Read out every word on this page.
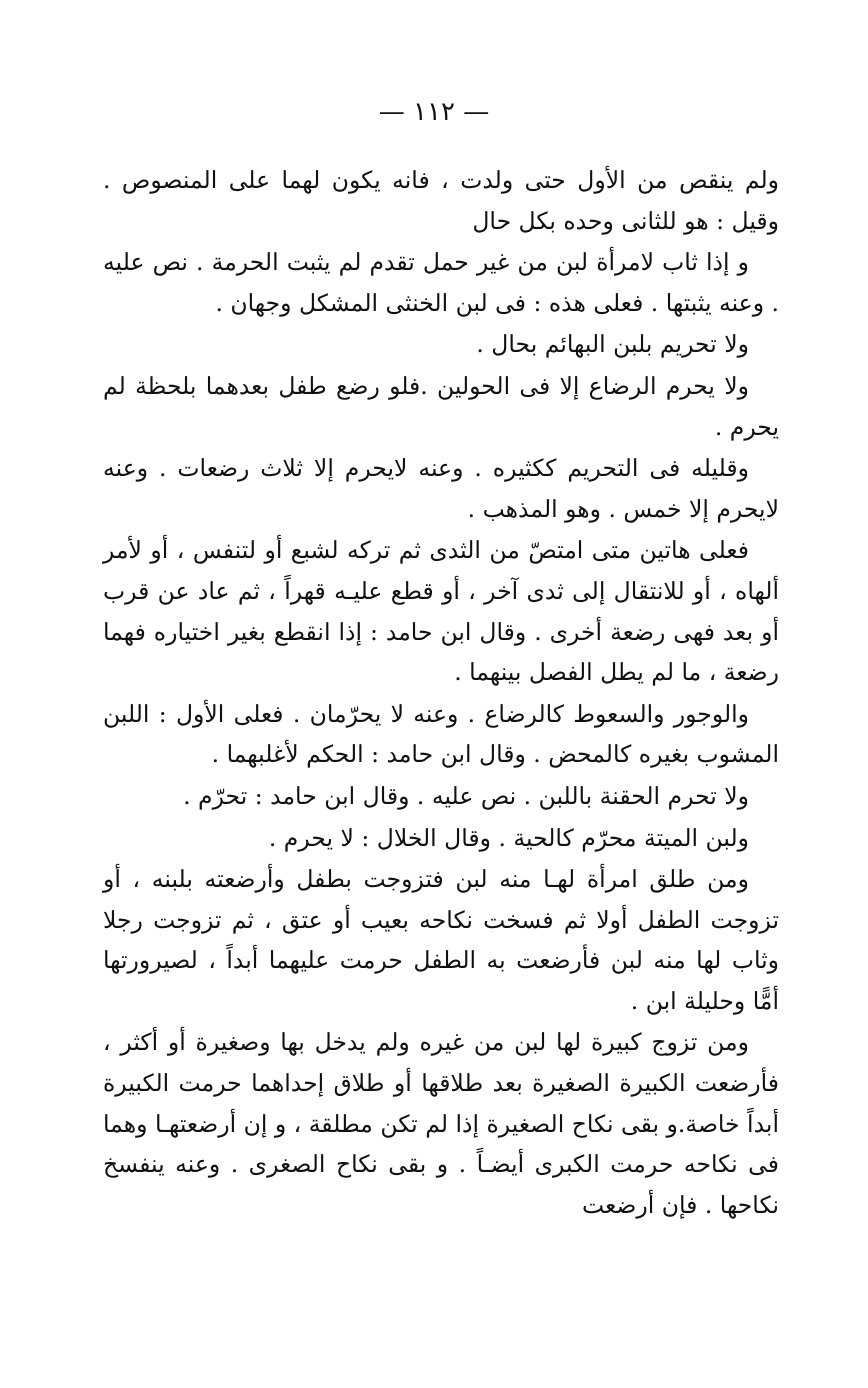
— ١١٢ —

ولم ينقص من الأول حتى ولدت ، فانه يكون لهما على المنصوص . وقيل : هو للثانى وحده بكل حال

و إذا ثاب لامرأة لبن من غير حمل تقدم لم يثبت الحرمة . نص عليه . وعنه يثبتها . فعلى هذه : فى لبن الخنثى المشكل وجهان .

ولا تحريم بلبن البهائم بحال .

ولا يحرم الرضاع إلا فى الحولين .فلو رضع طفل بعدهما بلحظة لم يحرم .

وقليله فى التحريم ككثيره . وعنه لايحرم إلا ثلاث رضعات . وعنه لايحرم إلا خمس . وهو المذهب .

فعلى هاتين متى امتصّ من الثدى ثم تركه لشبع أو لتنفس ، أو لأمر ألهاه ، أو للانتقال إلى ثدى آخر ، أو قطع عليـه قهراً ، ثم عاد عن قرب أو بعد فهى رضعة أخرى . وقال ابن حامد : إذا انقطع بغير اختياره فهما رضعة ، ما لم يطل الفصل بينهما .

والوجور والسعوط كالرضاع . وعنه لا يحرّمان . فعلى الأول : اللبن المشوب بغيره كالمحض . وقال ابن حامد : الحكم لأغلبهما .

ولا تحرم الحقنة باللبن . نص عليه . وقال ابن حامد : تحرّم .

ولبن الميتة محرّم كالحية . وقال الخلال : لا يحرم .

ومن طلق امرأة لهـا منه لبن فتزوجت بطفل وأرضعته بلبنه ، أو تزوجت الطفل أولا ثم فسخت نكاحه بعيب أو عتق ، ثم تزوجت رجلا وثاب لها منه لبن فأرضعت به الطفل حرمت عليهما أبداً ، لصيرورتها أمًّا وحليلة ابن .

ومن تزوج كبيرة لها لبن من غيره ولم يدخل بها وصغيرة أو أكثر ، فأرضعت الكبيرة الصغيرة بعد طلاقها أو طلاق إحداهما حرمت الكبيرة أبداً خاصة.و بقى نكاح الصغيرة إذا لم تكن مطلقة ، و إن أرضعتهـا وهما فى نكاحه حرمت الكبرى أيضـاً . و بقى نكاح الصغرى . وعنه ينفسخ نكاحها . فإن أرضعت
